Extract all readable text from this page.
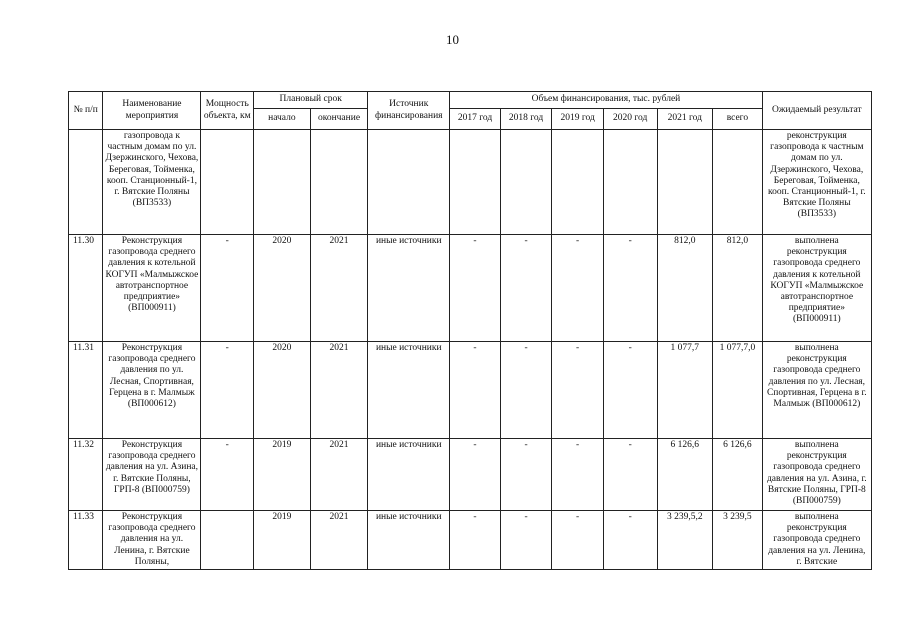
10
№ п/п	Наименование мероприятия	Мощность объекта, км	Плановый срок		Источник финансирования	Объем финансирования, тыс. рублей						Ожидаемый результат
			начало	окончание		2017 год	2018 год	2019 год	2020 год	2021 год	всего	
	газопровода к частным домам по ул. Дзержинского, Чехова, Береговая, Тойменка, кооп. Станционный-1, г. Вятские Поляны (ВП3533)											реконструкция газопровода к частным домам по ул. Дзержинского, Чехова, Береговая, Тойменка, кооп. Станционный-1, г. Вятские Поляны (ВП3533)
11.30	Реконструкция газопровода среднего давления к котельной КОГУП «Малмыжское автотранспортное предприятие» (ВП000911)	-	2020	2021	иные источники	-	-	-	-	812,0	812,0	выполнена реконструкция газопровода среднего давления к котельной КОГУП «Малмыжское автотранспортное предприятие» (ВП000911)
11.31	Реконструкция газопровода среднего давления по ул. Лесная, Спортивная, Герцена в г. Малмыж (ВП000612)	-	2020	2021	иные источники	-	-	-	-	1 077,7	1 077,7,0	выполнена реконструкция газопровода среднего давления по ул. Лесная, Спортивная, Герцена в г. Малмыж (ВП000612)
11.32	Реконструкция газопровода среднего давления на ул. Азина, г. Вятские Поляны, ГРП-8 (ВП000759)	-	2019	2021	иные источники	-	-	-	-	6 126,6	6 126,6	выполнена реконструкция газопровода среднего давления на ул. Азина, г. Вятские Поляны, ГРП-8 (ВП000759)
11.33	Реконструкция газопровода среднего давления на ул. Ленина, г. Вятские Поляны,		2019	2021	иные источники	-	-	-	-	3 239,5,2	3 239,5	выполнена реконструкция газопровода среднего давления на ул. Ленина, г. Вятские
